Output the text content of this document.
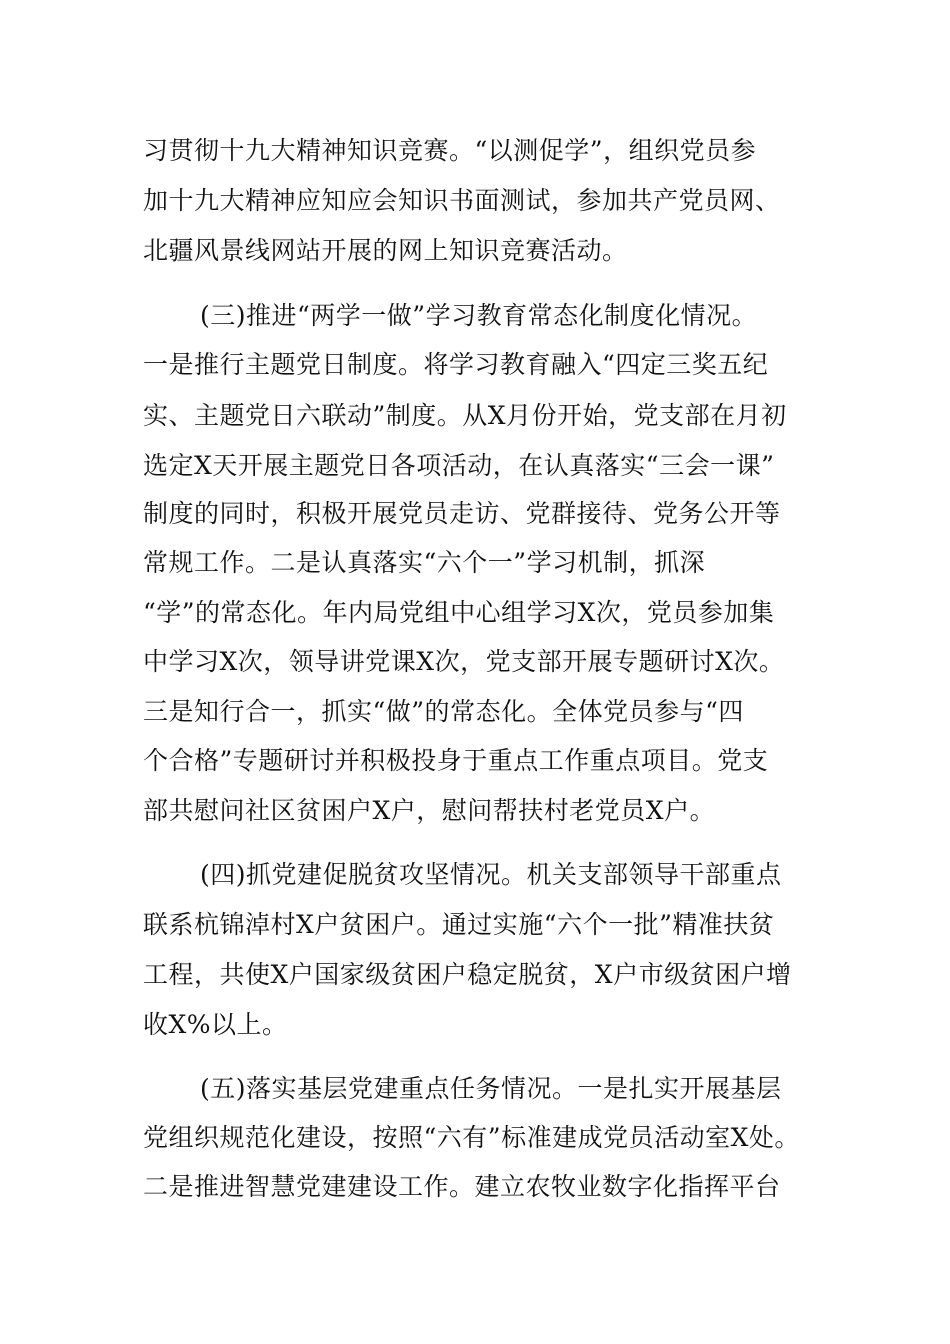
习贯彻十九大精神知识竞赛。“以测促学”，组织党员参
加十九大精神应知应会知识书面测试，参加共产党员网、
北疆风景线网站开展的网上知识竞赛活动。
(三)推进“两学一做”学习教育常态化制度化情况。
一是推行主题党日制度。将学习教育融入“四定三奖五纪
实、主题党日六联动”制度。从X月份开始，党支部在月初
选定X天开展主题党日各项活动，在认真落实“三会一课”
制度的同时，积极开展党员走访、党群接待、党务公开等
常规工作。二是认真落实“六个一”学习机制，抓深
“学”的常态化。年内局党组中心组学习X次，党员参加集
中学习X次，领导讲党课X次，党支部开展专题研讨X次。
三是知行合一，抓实“做”的常态化。全体党员参与“四
个合格”专题研讨并积极投身于重点工作重点项目。党支
部共慰问社区贫困户X户，慰问帮扶村老党员X户。
(四)抓党建促脱贫攻坚情况。机关支部领导干部重点
联系杭锦淖村X户贫困户。通过实施“六个一批”精准扶贫
工程，共使X户国家级贫困户稳定脱贫，X户市级贫困户增
收X%以上。
(五)落实基层党建重点任务情况。一是扎实开展基层
党组织规范化建设，按照“六有”标准建成党员活动室X处。
二是推进智慧党建建设工作。建立农牧业数字化指挥平台
